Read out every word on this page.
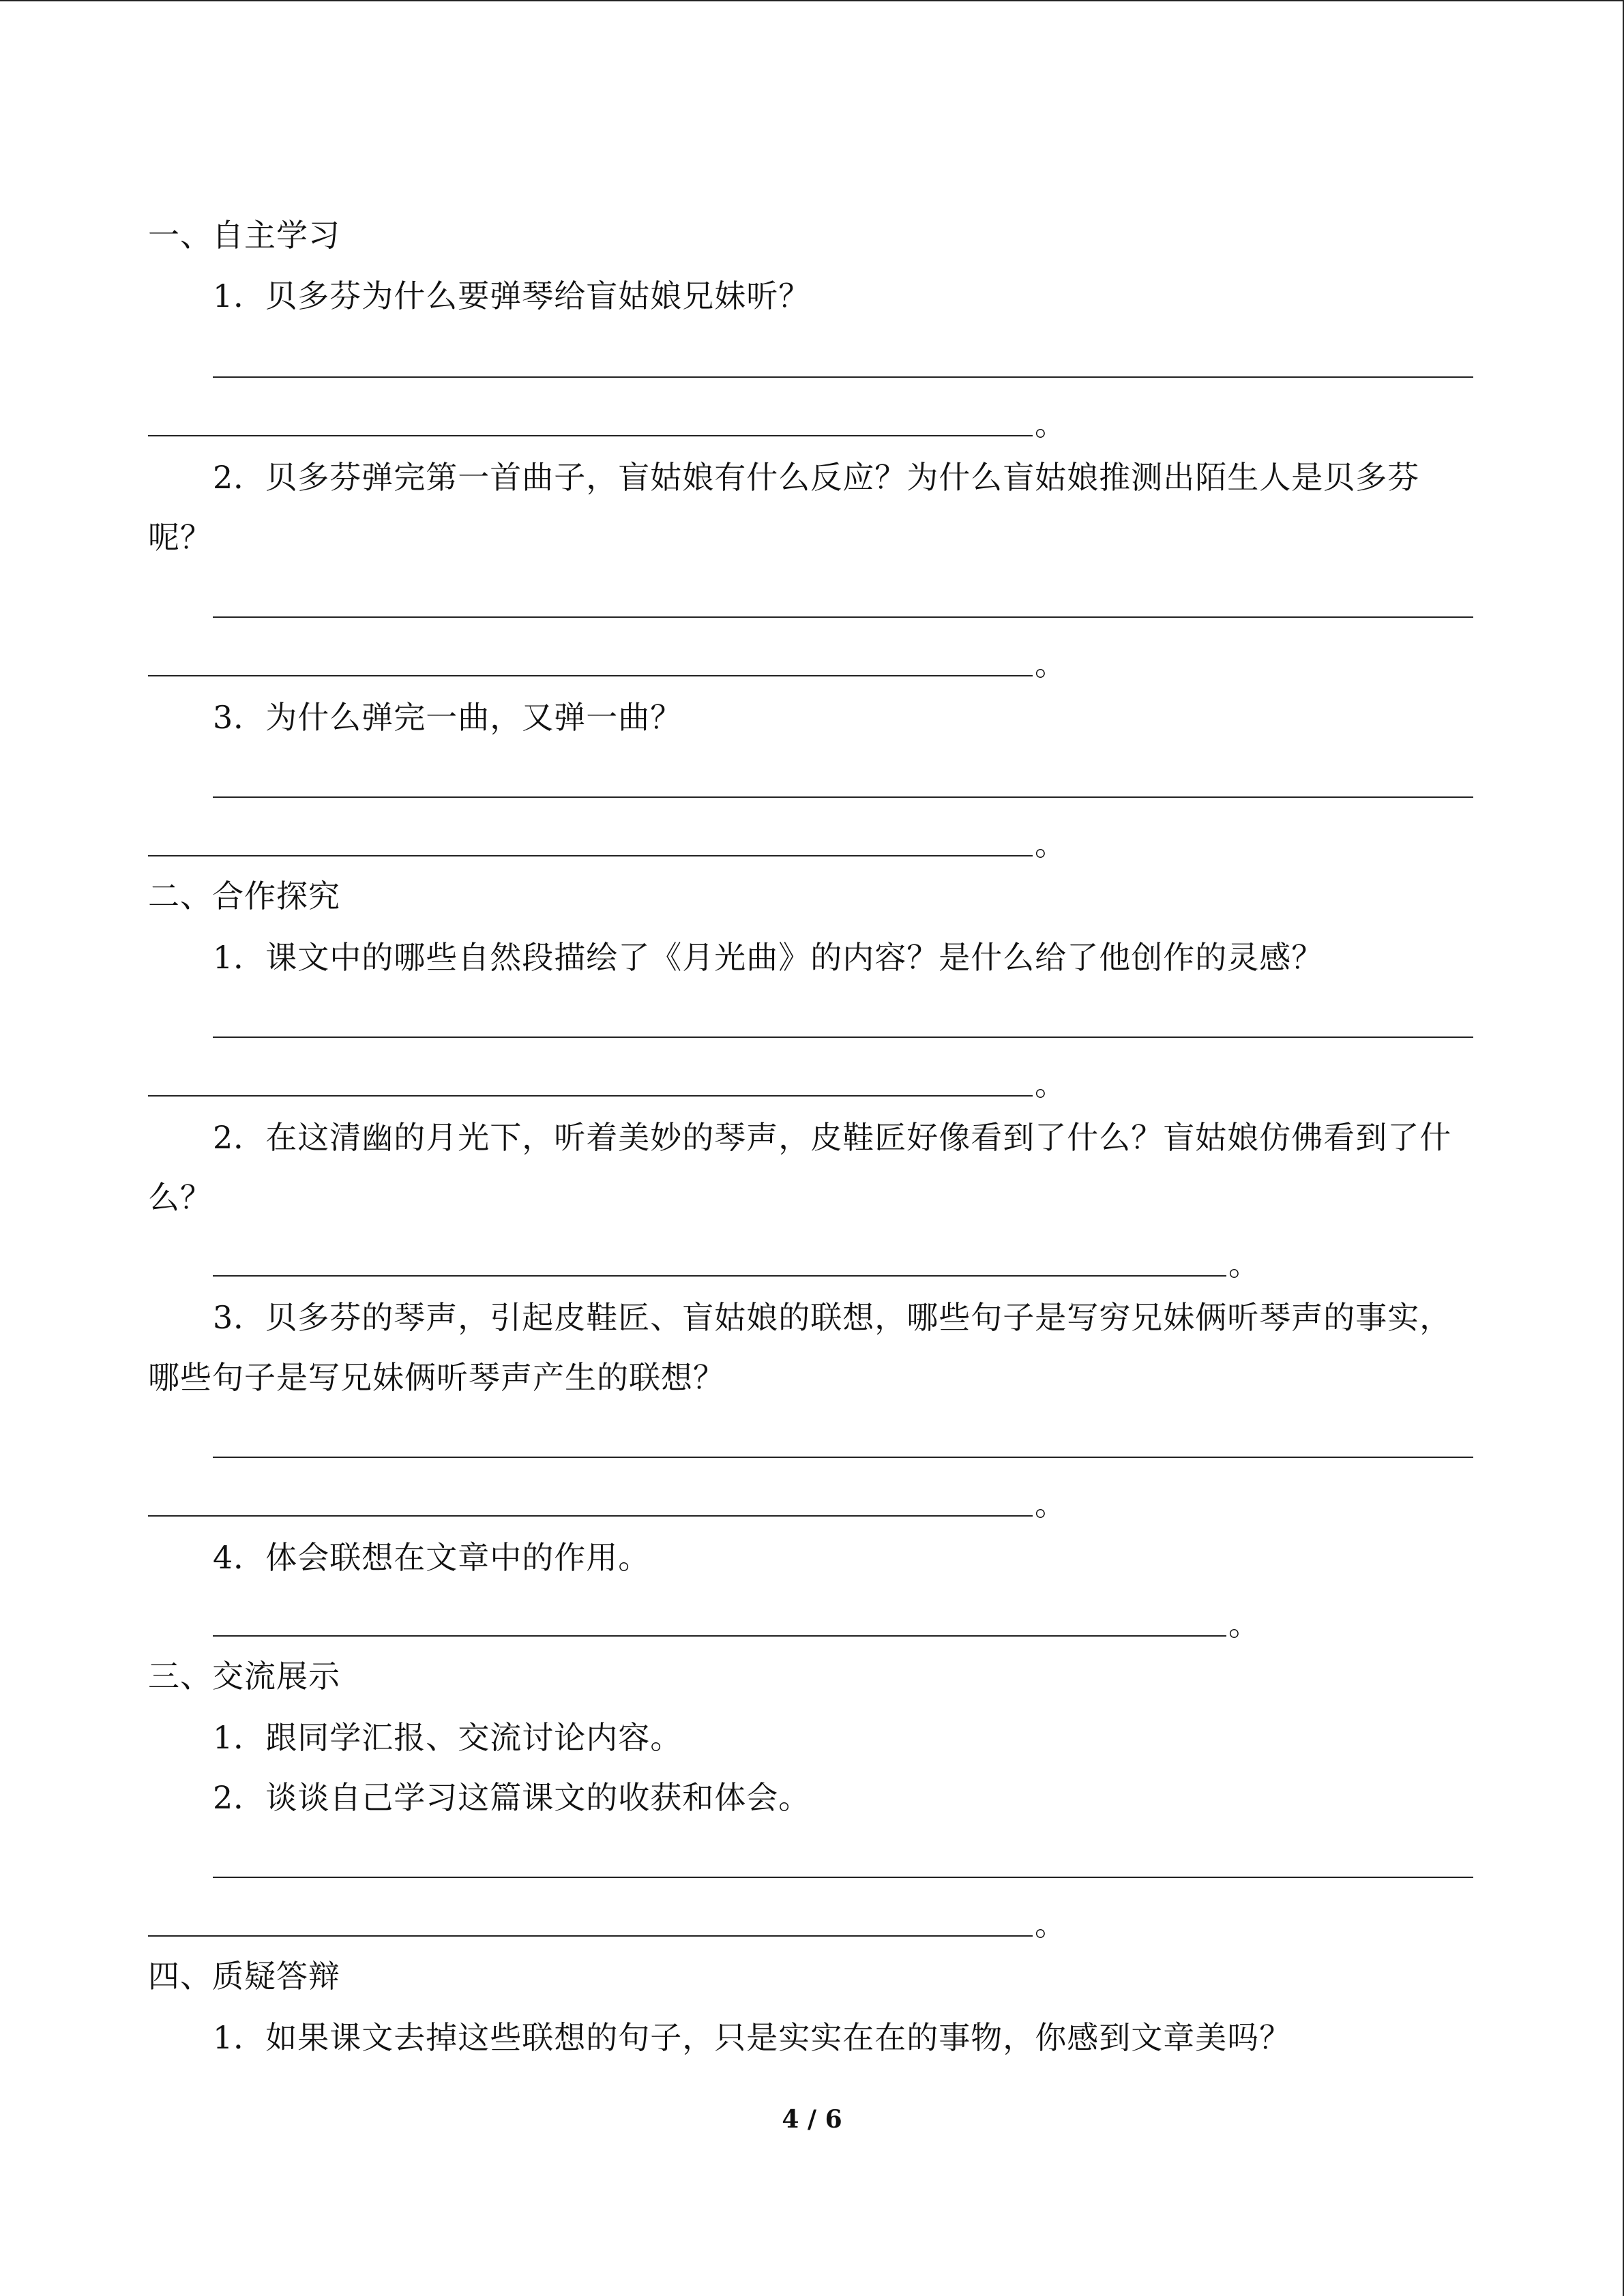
一、自主学习
1．贝多芬为什么要弹琴给盲姑娘兄妹听？
。
2．贝多芬弹完第一首曲子，盲姑娘有什么反应？为什么盲姑娘推测出陌生人是贝多芬
呢？
。
3．为什么弹完一曲，又弹一曲？
。
二、合作探究
1．课文中的哪些自然段描绘了《月光曲》的内容？是什么给了他创作的灵感？
。
2．在这清幽的月光下，听着美妙的琴声，皮鞋匠好像看到了什么？盲姑娘仿佛看到了什
么？
。
3．贝多芬的琴声，引起皮鞋匠、盲姑娘的联想，哪些句子是写穷兄妹俩听琴声的事实，
哪些句子是写兄妹俩听琴声产生的联想？
。
4．体会联想在文章中的作用。
。
三、交流展示
1．跟同学汇报、交流讨论内容。
2．谈谈自己学习这篇课文的收获和体会。
。
四、质疑答辩
1．如果课文去掉这些联想的句子，只是实实在在的事物，你感到文章美吗？
4 / 6
